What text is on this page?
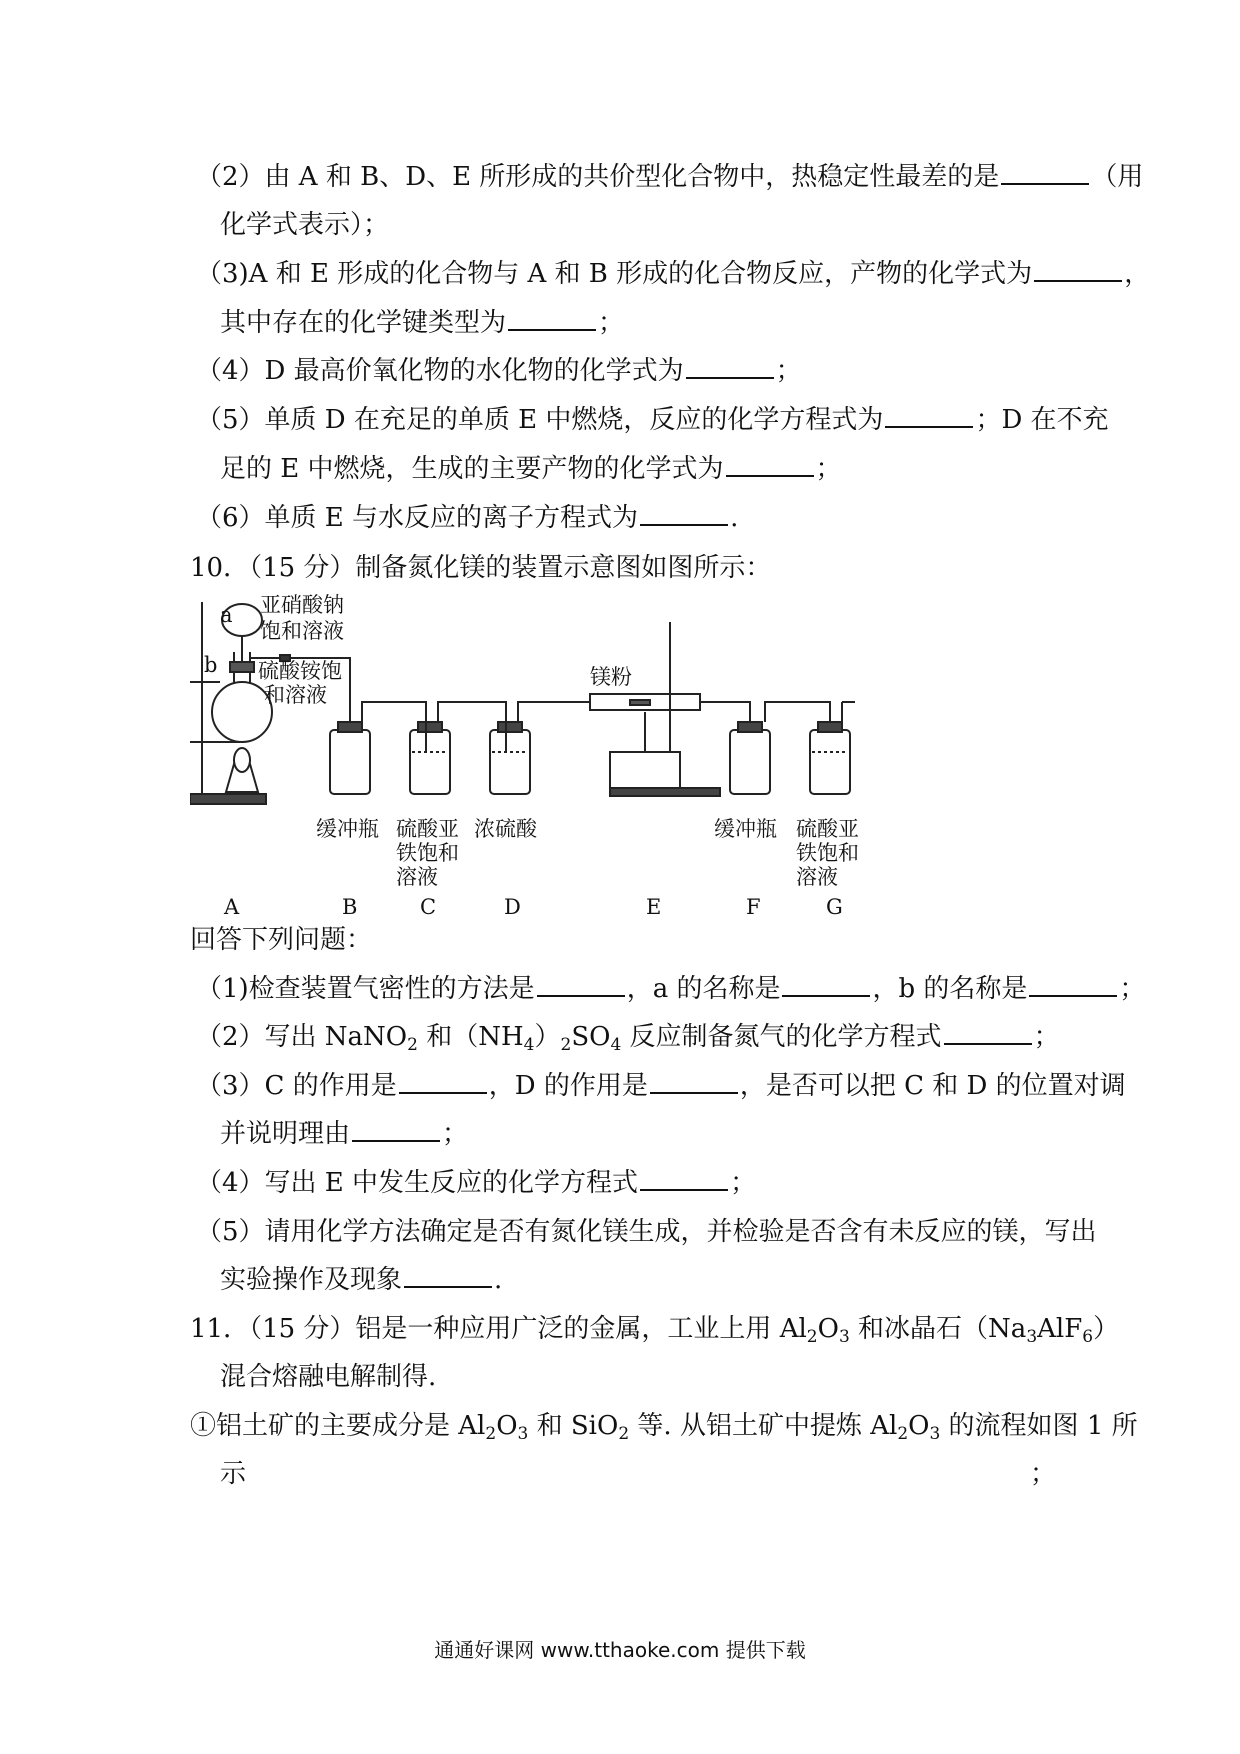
（2）由 A 和 B、D、E 所形成的共价型化合物中，热稳定性最差的是	（用
化学式表示）；
（3)A 和 E 形成的化合物与 A 和 B 形成的化合物反应，产物的化学式为	，
其中存在的化学键类型为	；
（4）D 最高价氧化物的水化物的化学式为	；
（5）单质 D 在充足的单质 E 中燃烧，反应的化学方程式为	；D 在不充
足的 E 中燃烧，生成的主要产物的化学式为	；
（6）单质 E 与水反应的离子方程式为	.
10．（15 分）制备氮化镁的装置示意图如图所示：
a
b
亚硝酸钠
饱和溶液
硫酸铵饱
和溶液
镁粉
缓冲瓶 硫酸亚
铁饱和
溶液
浓硫酸	缓冲瓶 硫酸亚
铁饱和
溶液
A	B	C	D	E	F	G
回答下列问题：
（1)检查装置气密性的方法是	，a 的名称是	，b 的名称是	；
（2）写出 NaNO$_2$ 和$(NH_4)_2SO_4$ 反应制备氮气的化学方程式	；
（3）C 的作用是	，D 的作用是	，是否可以把 C 和 D 的位置对调
并说明理由	；
（4）写出 E 中发生反应的化学方程式	；
（5）请用化学方法确定是否有氮化镁生成，并检验是否含有未反应的镁，写出
实验操作及现象	.
11．（15 分）铝是一种应用广泛的金属，工业上用 $Al_2O_3$ 和冰晶石$(Na_3AlF_6)$
混合熔融电解制得.
①铝土矿的主要成分是 $Al_2O_3$ 和 SiO$_2$ 等. 从铝土矿中提炼 $Al_2O_3$ 的流程如图 1 所
示	；
通通好课网 www.tthaoke.com 提供下载
